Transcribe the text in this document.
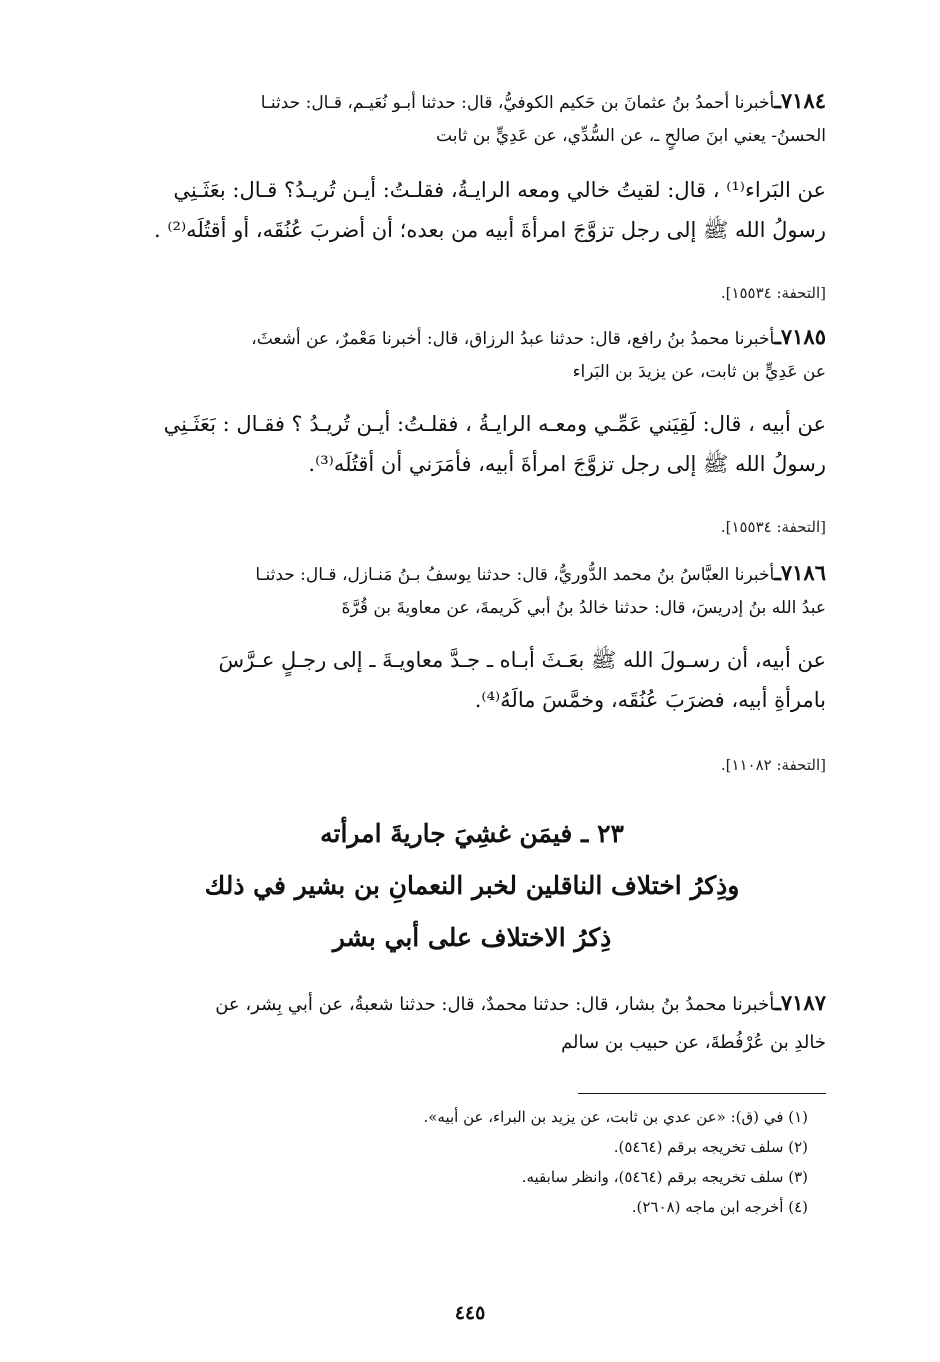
٧١٨٤ـأخبرنا أحمدُ بنُ عثمانَ بن حَكيم الكوفيُّ، قال: حدثنا أبـو نُعَيـم، قـال: حدثنـا
الحسنُ- يعني ابنَ صالحٍ ـ، عن السُّدِّي، عن عَدِيٍّ بن ثابت
عن البَراء⁽¹⁾ ، قال: لقيتُ خالي ومعه الرايـةُ، فقلـتُ: أيـن تُريـدُ؟ قـال: بعَثَـنِي
رسولُ الله ﷺ إلى رجل تزوَّجَ امرأةَ أبيه من بعده؛ أن أضربَ عُنُقَه، أو أقتُلَه⁽²⁾ .
[التحفة: ١٥٥٣٤].
٧١٨٥ـأخبرنا محمدُ بنُ رافع، قال: حدثنا عبدُ الرزاق، قال: أخبرنا مَعْمرٌ، عن أشعثَ،
عن عَدِيٍّ بن ثابت، عن يزيدَ بن البَراء
عن أبيه ، قال: لَقِيَني عَمِّـي ومعـه الرايـةُ ، فقلـتُ: أيـن تُريـدُ ؟ فقـال : بَعَثَـنِي
رسولُ الله ﷺ إلى رجل تزوَّجَ امرأةَ أبيه، فأمَرَني أن أقتُلَه⁽³⁾.
[التحفة: ١٥٥٣٤].
٧١٨٦ـأخبرنا العبَّاسُ بنُ محمد الدُّوريُّ، قال: حدثنا يوسفُ بـنُ مَنـازل، قـال: حدثنـا
عبدُ الله بنُ إدريسَ، قال: حدثنا خالدُ بنُ أبي كَريمةَ، عن معاويةَ بن قُرَّةَ
عن أبيه، أن رسـولَ الله ﷺ بعَـثَ أبـاه ـ جـدَّ معاويـةَ ـ إلى رجـلٍ عـرَّسَ
بامرأةِ أبيه، فضرَبَ عُنُقَه، وخمَّسَ مالَهُ⁽⁴⁾.
[التحفة: ١١٠٨٢].
٢٣ ـ فيمَن غشِيَ جاريةَ امرأته
وذِكرُ اختلاف الناقلين لخبر النعمانِ بن بشير في ذلك
ذِكرُ الاختلاف على أبي بشر
٧١٨٧ـأخبرنا محمدُ بنُ بشار، قال: حدثنا محمدٌ، قال: حدثنا شعبةُ، عن أبي بِشر، عن
خالدِ بن عُرْفُطةَ، عن حبيب بن سالم
(١) في (ق): «عن عدي بن ثابت، عن يزيد بن البراء، عن أبيه».
(٢) سلف تخريجه برقم (٥٤٦٤).
(٣) سلف تخريجه برقم (٥٤٦٤)، وانظر سابقيه.
(٤) أخرجه ابن ماجه (٢٦٠٨).
٤٤٥
